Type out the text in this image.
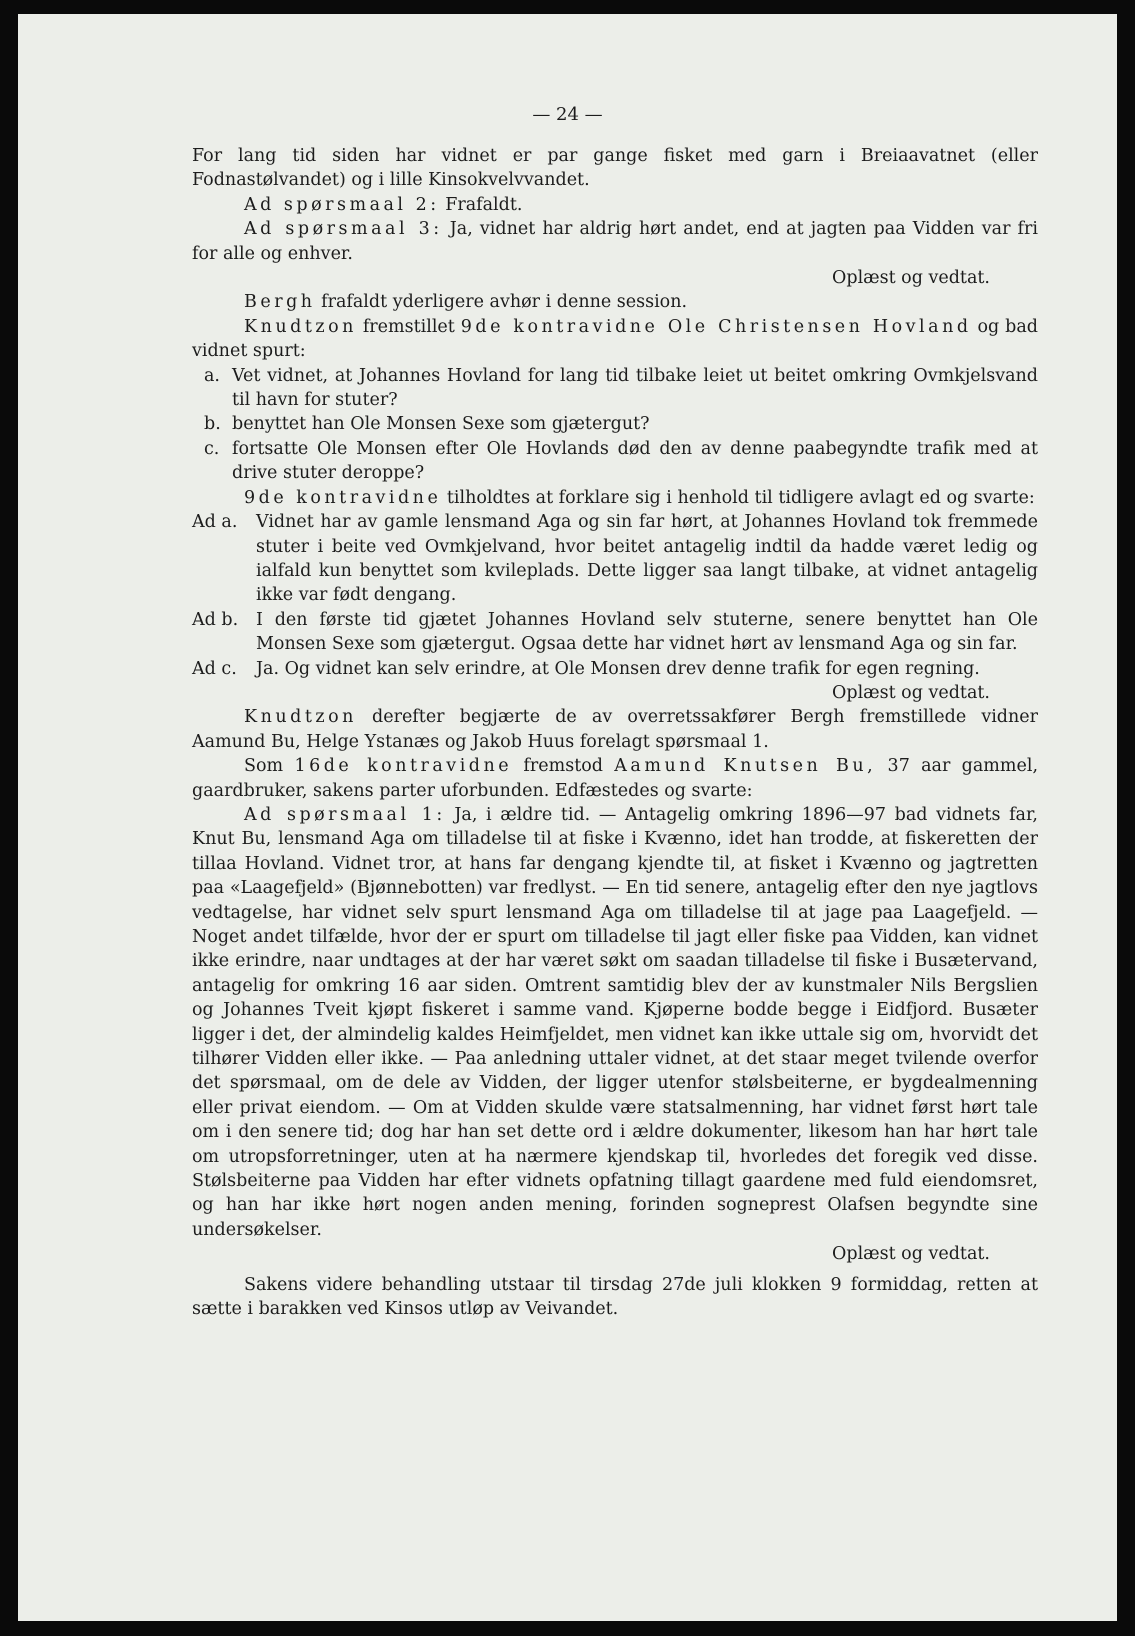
— 24 —

For lang tid siden har vidnet er par gange fisket med garn i Breiaavatnet (eller Fodnastølvandet) og i lille Kinsokvelvvandet.

Ad spørsmaal 2: Frafaldt.

Ad spørsmaal 3: Ja, vidnet har aldrig hørt andet, end at jagten paa Vidden var fri for alle og enhver.

Oplæst og vedtat.

Bergh frafaldt yderligere avhør i denne session.

Knudtzon fremstillet 9de kontravidne Ole Christensen Hovland og bad vidnet spurt:

a. Vet vidnet, at Johannes Hovland for lang tid tilbake leiet ut beitet omkring Ovmkjelsvand til havn for stuter?
b. benyttet han Ole Monsen Sexe som gjætergut?
c. fortsatte Ole Monsen efter Ole Hovlands død den av denne paabegyndte trafik med at drive stuter deroppe?

9de kontravidne tilholdtes at forklare sig i henhold til tidligere avlagt ed og svarte:

Ad a.	Vidnet har av gamle lensmand Aga og sin far hørt, at Johannes Hovland tok fremmede stuter i beite ved Ovmkjelvand, hvor beitet antagelig indtil da hadde været ledig og ialfald kun benyttet som kvileplads. Dette ligger saa langt tilbake, at vidnet antagelig ikke var født dengang.
Ad b.	I den første tid gjætet Johannes Hovland selv stuterne, senere benyttet han Ole Monsen Sexe som gjætergut. Ogsaa dette har vidnet hørt av lensmand Aga og sin far.
Ad c.	Ja. Og vidnet kan selv erindre, at Ole Monsen drev denne trafik for egen regning.

Oplæst og vedtat.

Knudtzon derefter begjærte de av overretssakfører Bergh fremstillede vidner Aamund Bu, Helge Ystanæs og Jakob Huus forelagt spørsmaal 1.

Som 16de kontravidne fremstod Aamund Knutsen Bu, 37 aar gammel, gaardbruker, sakens parter uforbunden. Edfæstedes og svarte:

Ad spørsmaal 1: Ja, i ældre tid. — Antagelig omkring 1896—97 bad vidnets far, Knut Bu, lensmand Aga om tilladelse til at fiske i Kvænno, idet han trodde, at fiskeretten der tillaa Hovland. Vidnet tror, at hans far dengang kjendte til, at fisket i Kvænno og jagtretten paa «Laagefjeld» (Bjønnebotten) var fredlyst. — En tid senere, antagelig efter den nye jagtlovs vedtagelse, har vidnet selv spurt lensmand Aga om tilladelse til at jage paa Laagefjeld. — Noget andet tilfælde, hvor der er spurt om tilladelse til jagt eller fiske paa Vidden, kan vidnet ikke erindre, naar undtages at der har været søkt om saadan tilladelse til fiske i Busætervand, antagelig for omkring 16 aar siden. Omtrent samtidig blev der av kunstmaler Nils Bergslien og Johannes Tveit kjøpt fiskeret i samme vand. Kjøperne bodde begge i Eidfjord. Busæter ligger i det, der almindelig kaldes Heimfjeldet, men vidnet kan ikke uttale sig om, hvorvidt det tilhører Vidden eller ikke. — Paa anledning uttaler vidnet, at det staar meget tvilende overfor det spørsmaal, om de dele av Vidden, der ligger utenfor stølsbeiterne, er bygdealmenning eller privat eiendom. — Om at Vidden skulde være statsalmenning, har vidnet først hørt tale om i den senere tid; dog har han set dette ord i ældre dokumenter, likesom han har hørt tale om utropsforretninger, uten at ha nærmere kjendskap til, hvorledes det foregik ved disse. Stølsbeiterne paa Vidden har efter vidnets opfatning tillagt gaardene med fuld eiendomsret, og han har ikke hørt nogen anden mening, forinden sogneprest Olafsen begyndte sine undersøkelser.

Oplæst og vedtat.

Sakens videre behandling utstaar til tirsdag 27de juli klokken 9 formiddag, retten at sætte i barakken ved Kinsos utløp av Veivandet.
